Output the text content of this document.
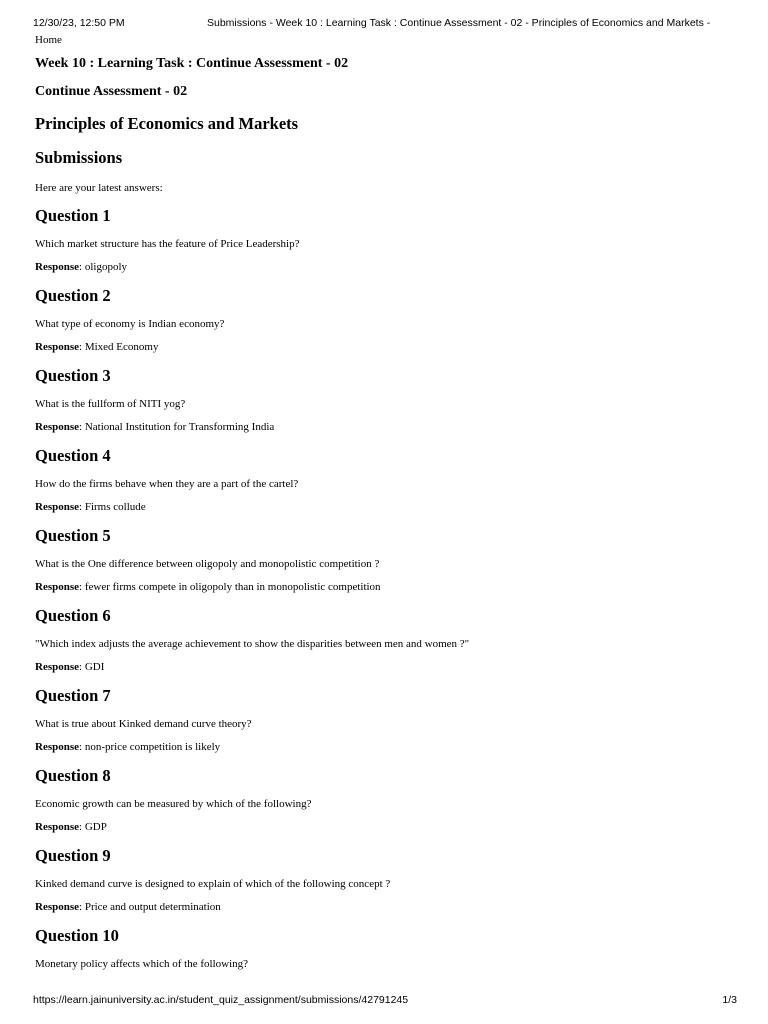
12/30/23, 12:50 PM	Submissions - Week 10 : Learning Task : Continue Assessment - 02 - Principles of Economics and Markets -
Home
Week 10 : Learning Task : Continue Assessment - 02
Continue Assessment - 02
Principles of Economics and Markets
Submissions
Here are your latest answers:
Question 1
Which market structure has the feature of Price Leadership?
Response: oligopoly
Question 2
What type of economy is Indian economy?
Response: Mixed Economy
Question 3
What is the fullform of NITI yog?
Response: National Institution for Transforming India
Question 4
How do the firms behave when they are a part of the cartel?
Response: Firms collude
Question 5
What is the One difference between oligopoly and monopolistic competition ?
Response: fewer firms compete in oligopoly than in monopolistic competition
Question 6
"Which index adjusts the average achievement to show the disparities between men and women ?"
Response: GDI
Question 7
What is true about Kinked demand curve theory?
Response: non-price competition is likely
Question 8
Economic growth can be measured by which of the following?
Response: GDP
Question 9
Kinked demand curve is designed to explain of which of the following concept ?
Response: Price and output determination
Question 10
Monetary policy affects which of the following?
https://learn.jainuniversity.ac.in/student_quiz_assignment/submissions/42791245	1/3
